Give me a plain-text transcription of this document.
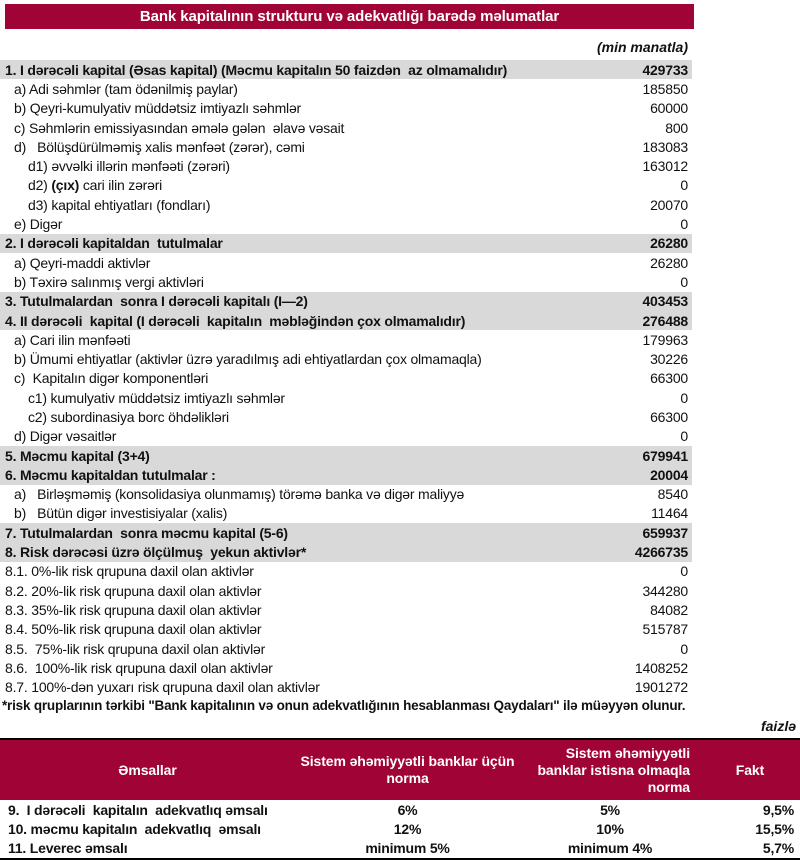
Bank kapitalının strukturu və adekvatlığı barədə məlumatlar
(min manatla)
1. I dərəcəli kapital (Əsas kapital) (Məcmu kapitalın 50 faizdən  az olmamalıdır)	429733
a) Adi səhmlər (tam ödənilmiş paylar)	185850
b) Qeyri-kumulyativ müddətsiz imtiyazlı səhmlər	60000
c) Səhmlərin emissiyasından əmələ gələn  əlavə vəsait	800
d)   Bölüşdürülməmiş xalis mənfəət (zərər), cəmi	183083
d1) əvvəlki illərin mənfəəti (zərəri)	163012
d2) (çıx) cari ilin zərəri	0
d3) kapital ehtiyatları (fondları)	20070
e) Digər	0
2. I dərəcəli kapitaldan  tutulmalar	26280
a) Qeyri-maddi aktivlər	26280
b) Təxirə salınmış vergi aktivləri	0
3. Tutulmalardan  sonra I dərəcəli kapitalı (I—2)	403453
4. II dərəcəli  kapital (I dərəcəli  kapitalın  məbləğindən çox olmamalıdır)	276488
a) Cari ilin mənfəəti	179963
b) Ümumi ehtiyatlar (aktivlər üzrə yaradılmış adi ehtiyatlardan çox olmamaqla)	30226
c)  Kapitalın digər komponentləri	66300
c1) kumulyativ müddətsiz imtiyazlı səhmlər	0
c2) subordinasiya borc öhdəlikləri	66300
d) Digər vəsaitlər	0
5. Məcmu kapital (3+4)	679941
6. Məcmu kapitaldan tutulmalar :	20004
a)   Birləşməmiş (konsolidasiya olunmamış) törəmə banka və digər maliyyə	8540
b)   Bütün digər investisiyalar (xalis)	11464
7. Tutulmalardan  sonra məcmu kapital (5-6)	659937
8. Risk dərəcəsi üzrə ölçülmuş  yekun aktivlər*	4266735
8.1. 0%-lik risk qrupuna daxil olan aktivlər	0
8.2. 20%-lik risk qrupuna daxil olan aktivlər	344280
8.3. 35%-lik risk qrupuna daxil olan aktivlər	84082
8.4. 50%-lik risk qrupuna daxil olan aktivlər	515787
8.5.  75%-lik risk qrupuna daxil olan aktivlər	0
8.6.  100%-lik risk qrupuna daxil olan aktivlər	1408252
8.7. 100%-dən yuxarı risk qrupuna daxil olan aktivlər	1901272
*risk qruplarının tərkibi "Bank kapitalının və onun adekvatlığının hesablanması Qaydaları" ilə müəyyən olunur.
faizlə
Əmsallar
Sistem əhəmiyyətli banklar üçün norma
Sistem əhəmiyyətli banklar istisna olmaqla norma
Fakt
9.  I dərəcəli  kapitalın  adekvatlıq əmsalı	6%	5%	9,5%
10. məcmu kapitalın  adekvatlıq  əmsalı	12%	10%	15,5%
11. Leverec əmsalı	minimum 5%	minimum 4%	5,7%
